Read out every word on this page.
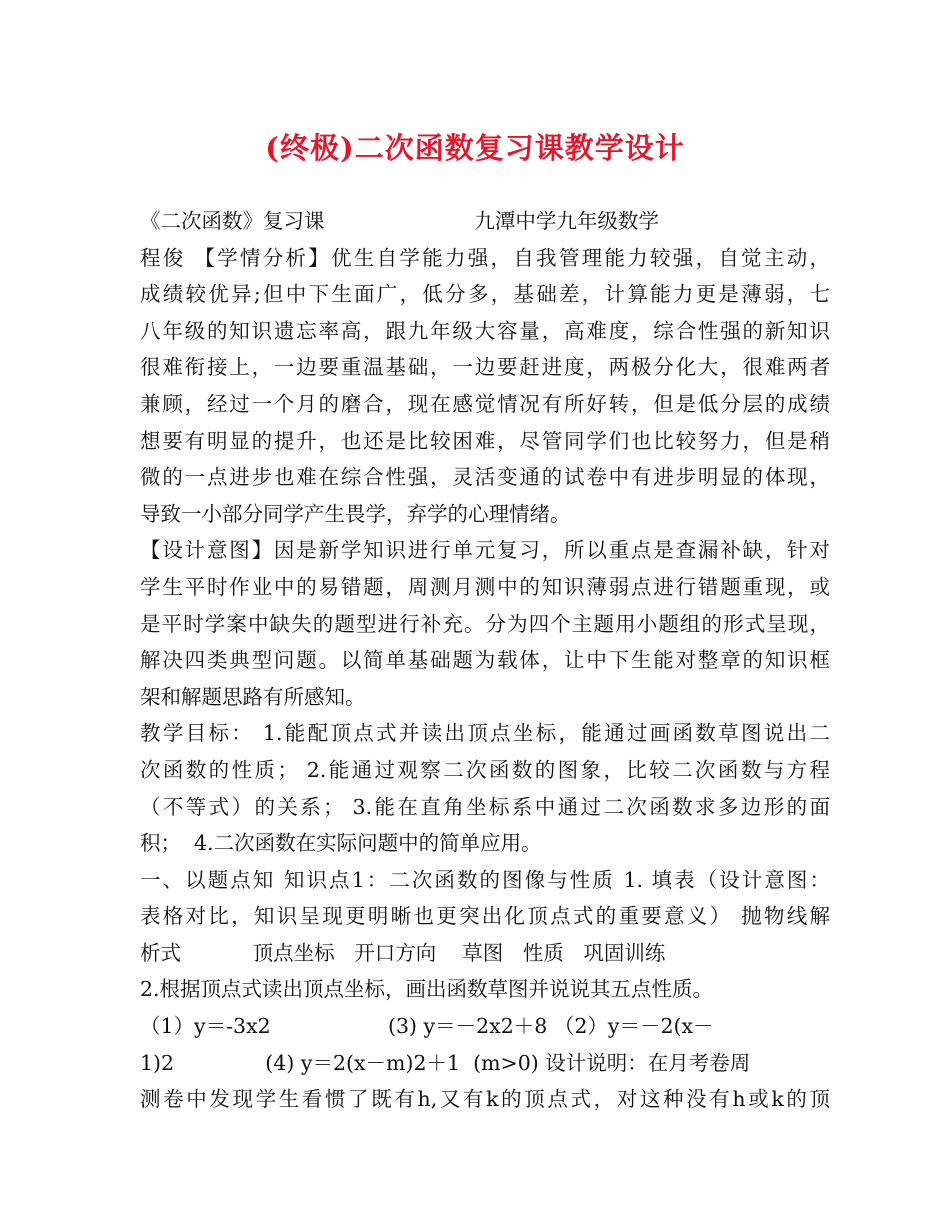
(终极)二次函数复习课教学设计
《二次函数》复习课                       九潭中学九年级数学
程俊 【学情分析】优生自学能力强，自我管理能力较强，自觉主动，
成绩较优异;但中下生面广，低分多，基础差，计算能力更是薄弱，七
八年级的知识遗忘率高，跟九年级大容量，高难度，综合性强的新知识
很难衔接上，一边要重温基础，一边要赶进度，两极分化大，很难两者
兼顾，经过一个月的磨合，现在感觉情况有所好转，但是低分层的成绩
想要有明显的提升，也还是比较困难，尽管同学们也比较努力，但是稍
微的一点进步也难在综合性强，灵活变通的试卷中有进步明显的体现，
导致一小部分同学产生畏学，弃学的心理情绪。
【设计意图】因是新学知识进行单元复习，所以重点是查漏补缺，针对
学生平时作业中的易错题，周测月测中的知识薄弱点进行错题重现，或
是平时学案中缺失的题型进行补充。分为四个主题用小题组的形式呈现，
解决四类典型问题。以简单基础题为载体，让中下生能对整章的知识框
架和解题思路有所感知。
教学目标： 1.能配顶点式并读出顶点坐标，能通过画函数草图说出二
次函数的性质； 2.能通过观察二次函数的图象，比较二次函数与方程
（不等式）的关系； 3.能在直角坐标系中通过二次函数求多边形的面
积；  4.二次函数在实际问题中的简单应用。
一、以题点知 知识点1：二次函数的图像与性质 1. 填表（设计意图：
表格对比，知识呈现更明晰也更突出化顶点式的重要意义） 抛物线解
析式           顶点坐标   开口方向    草图   性质   巩固训练
2.根据顶点式读出顶点坐标，画出函数草图并说说其五点性质。
（1）y＝-3x2                  (3) y＝－2x2＋8 （2）y＝－2(x－
1)2              (4) y＝2(x－m)2＋1  (m>0) 设计说明：在月考卷周
测卷中发现学生看惯了既有h,又有k的顶点式，对这种没有h或k的顶
